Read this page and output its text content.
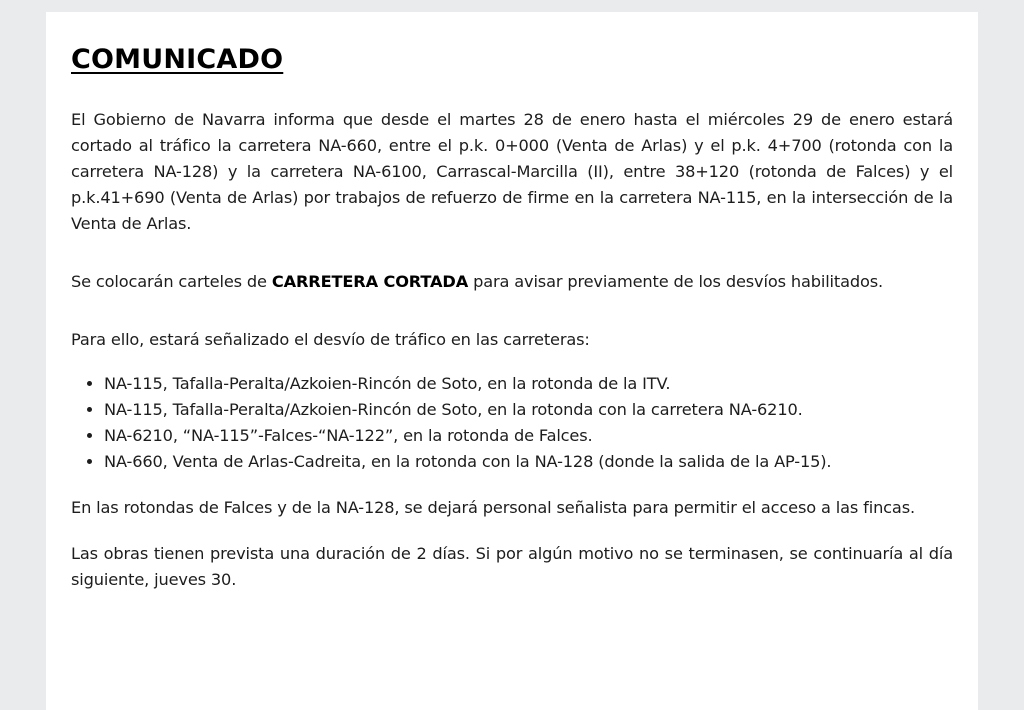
COMUNICADO

El Gobierno de Navarra informa que desde el martes 28 de enero hasta el miércoles 29 de enero estará cortado al tráfico la carretera NA-660, entre el p.k. 0+000 (Venta de Arlas) y el p.k. 4+700 (rotonda con la carretera NA-128) y la carretera NA-6100, Carrascal-Marcilla (II), entre 38+120 (rotonda de Falces) y el p.k.41+690 (Venta de Arlas) por trabajos de refuerzo de firme en la carretera NA-115, en la intersección de la Venta de Arlas.

Se colocarán carteles de CARRETERA CORTADA para avisar previamente de los desvíos habilitados.

Para ello, estará señalizado el desvío de tráfico en las carreteras:

• NA-115, Tafalla-Peralta/Azkoien-Rincón de Soto, en la rotonda de la ITV.
• NA-115, Tafalla-Peralta/Azkoien-Rincón de Soto, en la rotonda con la carretera NA-6210.
• NA-6210, “NA-115”-Falces-“NA-122”, en la rotonda de Falces.
• NA-660, Venta de Arlas-Cadreita, en la rotonda con la NA-128 (donde la salida de la AP-15).

En las rotondas de Falces y de la NA-128, se dejará personal señalista para permitir el acceso a las fincas.

Las obras tienen prevista una duración de 2 días. Si por algún motivo no se terminasen, se continuaría al día siguiente, jueves 30.
